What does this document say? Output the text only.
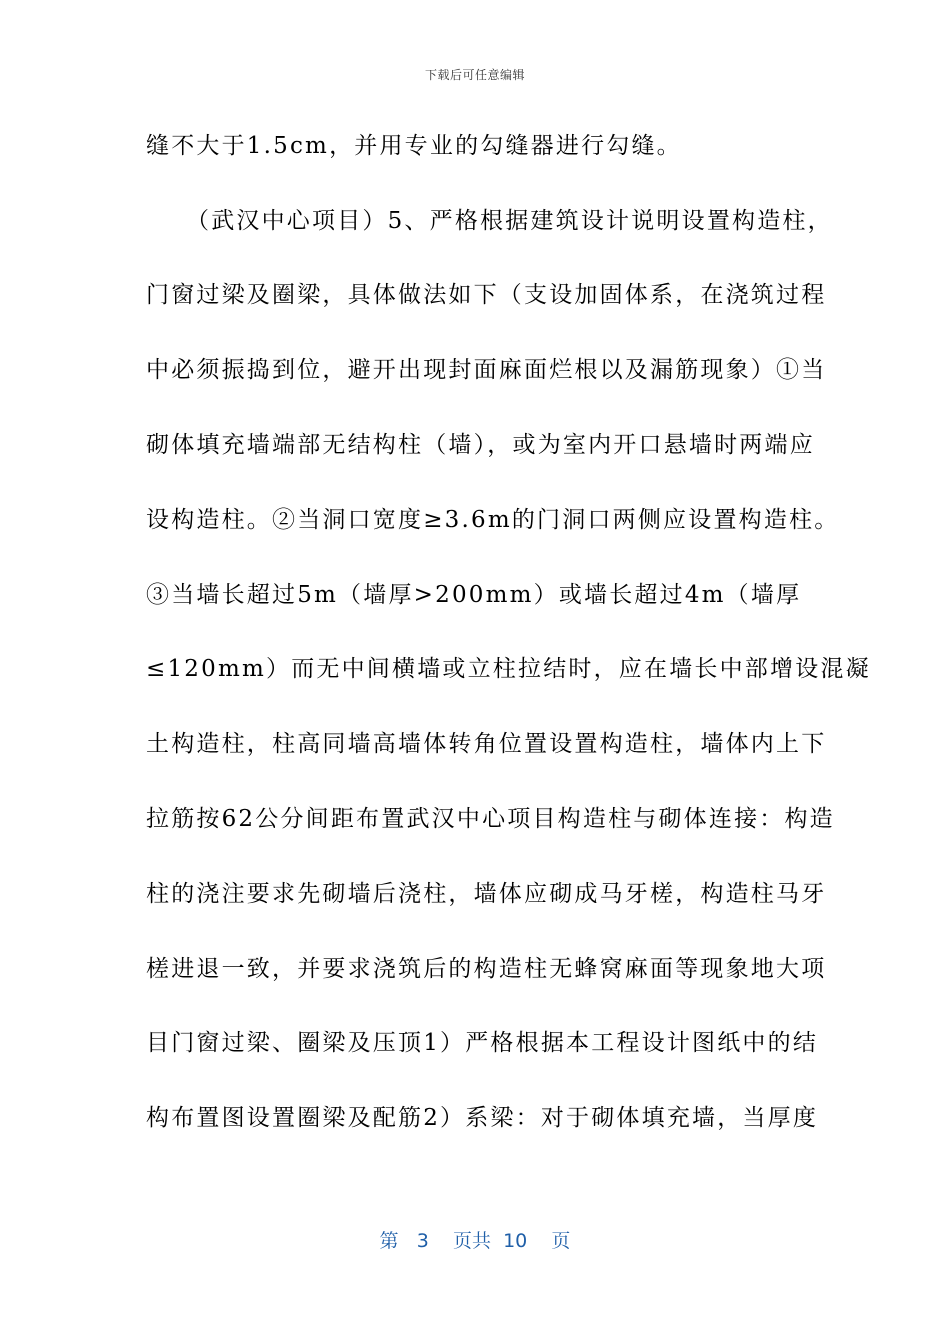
下载后可任意编辑
缝不大于1.5cm，并用专业的勾缝器进行勾缝。
（武汉中心项目）5、严格根据建筑设计说明设置构造柱，
门窗过梁及圈梁，具体做法如下（支设加固体系，在浇筑过程
中必须振捣到位，避开出现封面麻面烂根以及漏筋现象）①当
砌体填充墙端部无结构柱（墙），或为室内开口悬墙时两端应
设构造柱。②当洞口宽度≥3.6m的门洞口两侧应设置构造柱。
③当墙长超过5m（墙厚>200mm）或墙长超过4m（墙厚
≤120mm）而无中间横墙或立柱拉结时，应在墙长中部增设混凝
土构造柱，柱高同墙高墙体转角位置设置构造柱，墙体内上下
拉筋按62公分间距布置武汉中心项目构造柱与砌体连接：构造
柱的浇注要求先砌墙后浇柱，墙体应砌成马牙槎，构造柱马牙
槎进退一致，并要求浇筑后的构造柱无蜂窝麻面等现象地大项
目门窗过梁、圈梁及压顶1）严格根据本工程设计图纸中的结
构布置图设置圈梁及配筋2）系梁：对于砌体填充墙，当厚度
第 3 页共 10 页
